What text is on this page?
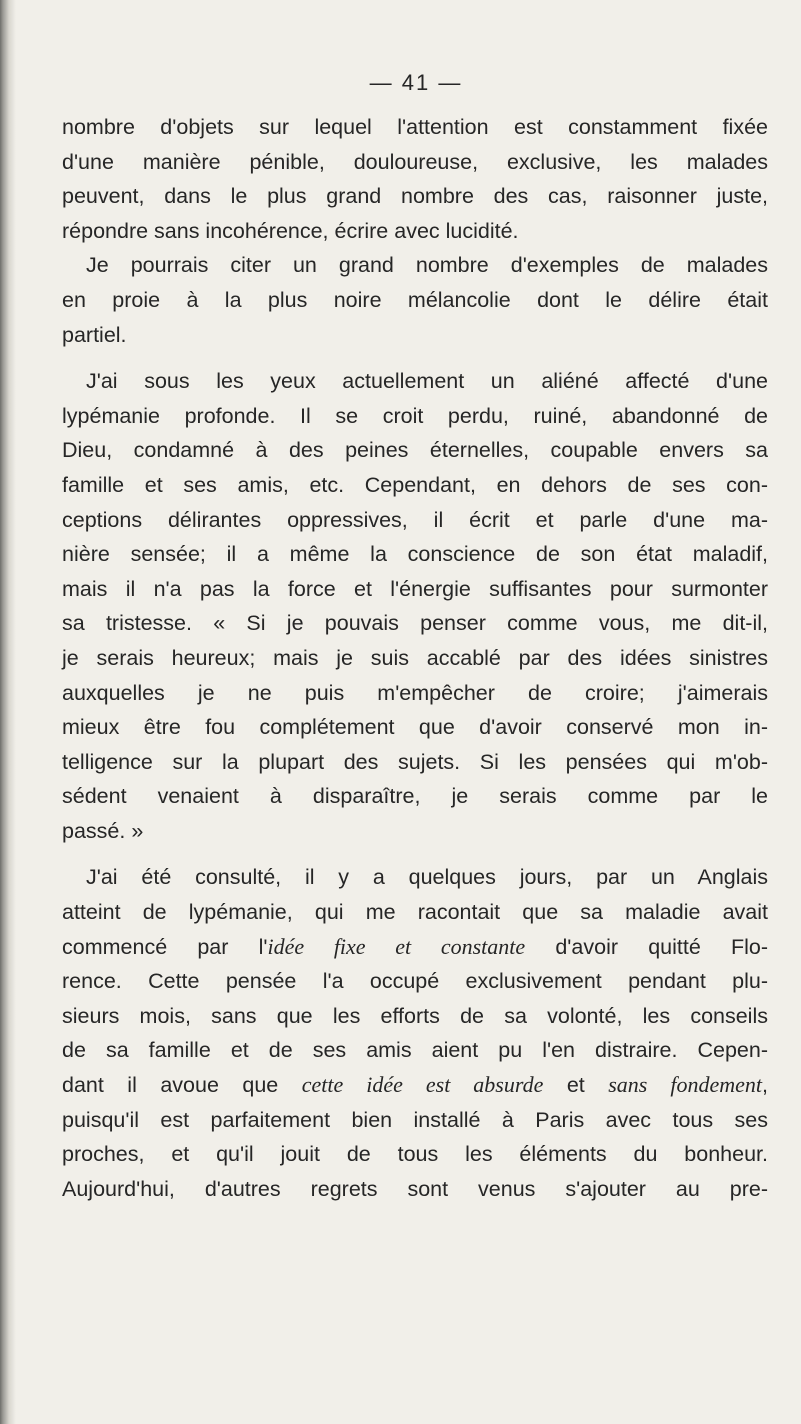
— 41 —
nombre d'objets sur lequel l'attention est constamment fixée
d'une manière pénible, douloureuse, exclusive, les malades
peuvent, dans le plus grand nombre des cas, raisonner juste,
répondre sans incohérence, écrire avec lucidité.
Je pourrais citer un grand nombre d'exemples de malades
en proie à la plus noire mélancolie dont le délire était
partiel.
J'ai sous les yeux actuellement un aliéné affecté d'une
lypémanie profonde. Il se croit perdu, ruiné, abandonné de
Dieu, condamné à des peines éternelles, coupable envers sa
famille et ses amis, etc. Cependant, en dehors de ses con-
ceptions délirantes oppressives, il écrit et parle d'une ma-
nière sensée; il a même la conscience de son état maladif,
mais il n'a pas la force et l'énergie suffisantes pour surmonter
sa tristesse. « Si je pouvais penser comme vous, me dit-il,
je serais heureux; mais je suis accablé par des idées sinistres
auxquelles je ne puis m'empêcher de croire; j'aimerais
mieux être fou complétement que d'avoir conservé mon in-
telligence sur la plupart des sujets. Si les pensées qui m'ob-
sédent venaient à disparaître, je serais comme par le
passé. »
J'ai été consulté, il y a quelques jours, par un Anglais
atteint de lypémanie, qui me racontait que sa maladie avait
commencé par l'idée fixe et constante d'avoir quitté Flo-
rence. Cette pensée l'a occupé exclusivement pendant plu-
sieurs mois, sans que les efforts de sa volonté, les conseils
de sa famille et de ses amis aient pu l'en distraire. Cepen-
dant il avoue que cette idée est absurde et sans fondement,
puisqu'il est parfaitement bien installé à Paris avec tous ses
proches, et qu'il jouit de tous les éléments du bonheur.
Aujourd'hui, d'autres regrets sont venus s'ajouter au pre-
